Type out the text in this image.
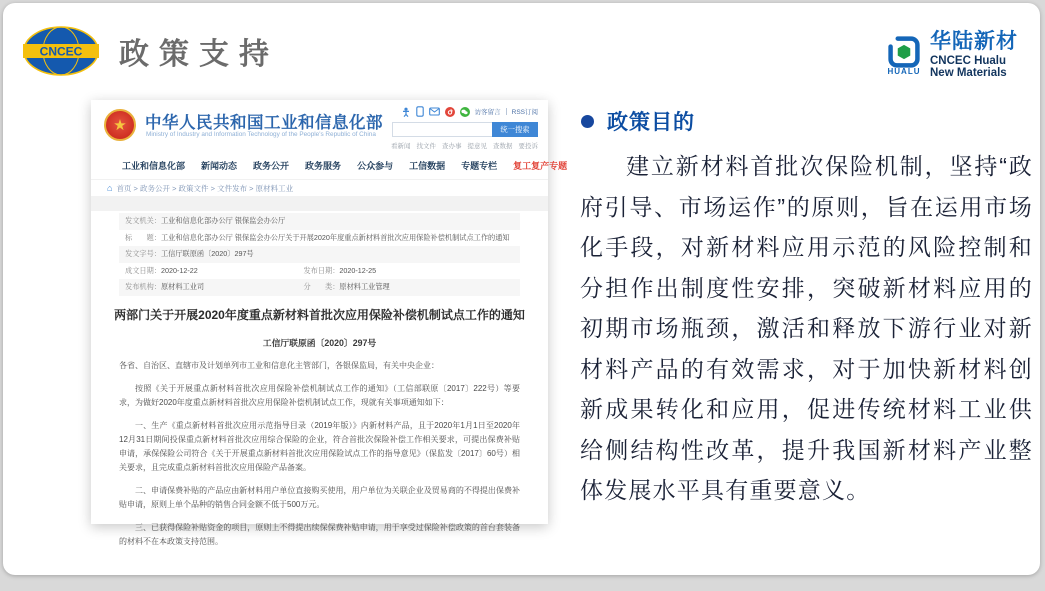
CNCEC 政策支持
HUALU
华陆新材
CNCEC Hualu
New Materials
★	中华人民共和国工业和信息化部
Ministry of Industry and Information Technology of the People's Republic of China
访客留言 RSS订阅
统一搜索
看新闻 找文件 查办事 提意见 查数据 要投诉
工业和信息化部 新闻动态 政务公开 政务服务 公众参与 工信数据 专题专栏 复工复产专题
⌂ 首页 > 政务公开 > 政策文件 > 文件发布 > 原材料工业
发文机关：工业和信息化部办公厅 银保监会办公厅
标　　题：工业和信息化部办公厅 银保监会办公厅关于开展2020年度重点新材料首批次应用保险补偿机制试点工作的通知
发文字号：工信厅联原函〔2020〕297号
成文日期：2020-12-22	发布日期：2020-12-25
发布机构：原材料工业司	分　　类：原材料工业管理
两部门关于开展2020年度重点新材料首批次应用保险补偿机制试点工作的通知
工信厅联原函〔2020〕297号

各省、自治区、直辖市及计划单列市工业和信息化主管部门，各银保监局，有关中央企业：

按照《关于开展重点新材料首批次应用保险补偿机制试点工作的通知》（工信部联原〔2017〕222号）等要求，为做好2020年度重点新材料首批次应用保险补偿机制试点工作，现就有关事项通知如下：

一、生产《重点新材料首批次应用示范指导目录（2019年版）》内新材料产品，且于2020年1月1日至2020年12月31日期间投保重点新材料首批次应用综合保险的企业，符合首批次保险补偿工作相关要求，可提出保费补贴申请，承保保险公司符合《关于开展重点新材料首批次应用保险试点工作的指导意见》（保监发〔2017〕60号）相关要求，且完成重点新材料首批次应用保险产品备案。

二、申请保费补贴的产品应由新材料用户单位直接购买使用，用户单位为关联企业及贸易商的不得提出保费补贴申请，原则上单个品种的销售合同金额不低于500万元。

三、已获得保险补贴资金的项目，原则上不得提出续保保费补贴申请，用于享受过保险补偿政策的首台套装备的材料不在本政策支持范围。

政策目的
建立新材料首批次保险机制，坚持“政府引导、市场运作”的原则，旨在运用市场化手段，对新材料应用示范的风险控制和分担作出制度性安排，突破新材料应用的初期市场瓶颈，激活和释放下游行业对新材料产品的有效需求，对于加快新材料创新成果转化和应用，促进传统材料工业供给侧结构性改革，提升我国新材料产业整体发展水平具有重要意义。
